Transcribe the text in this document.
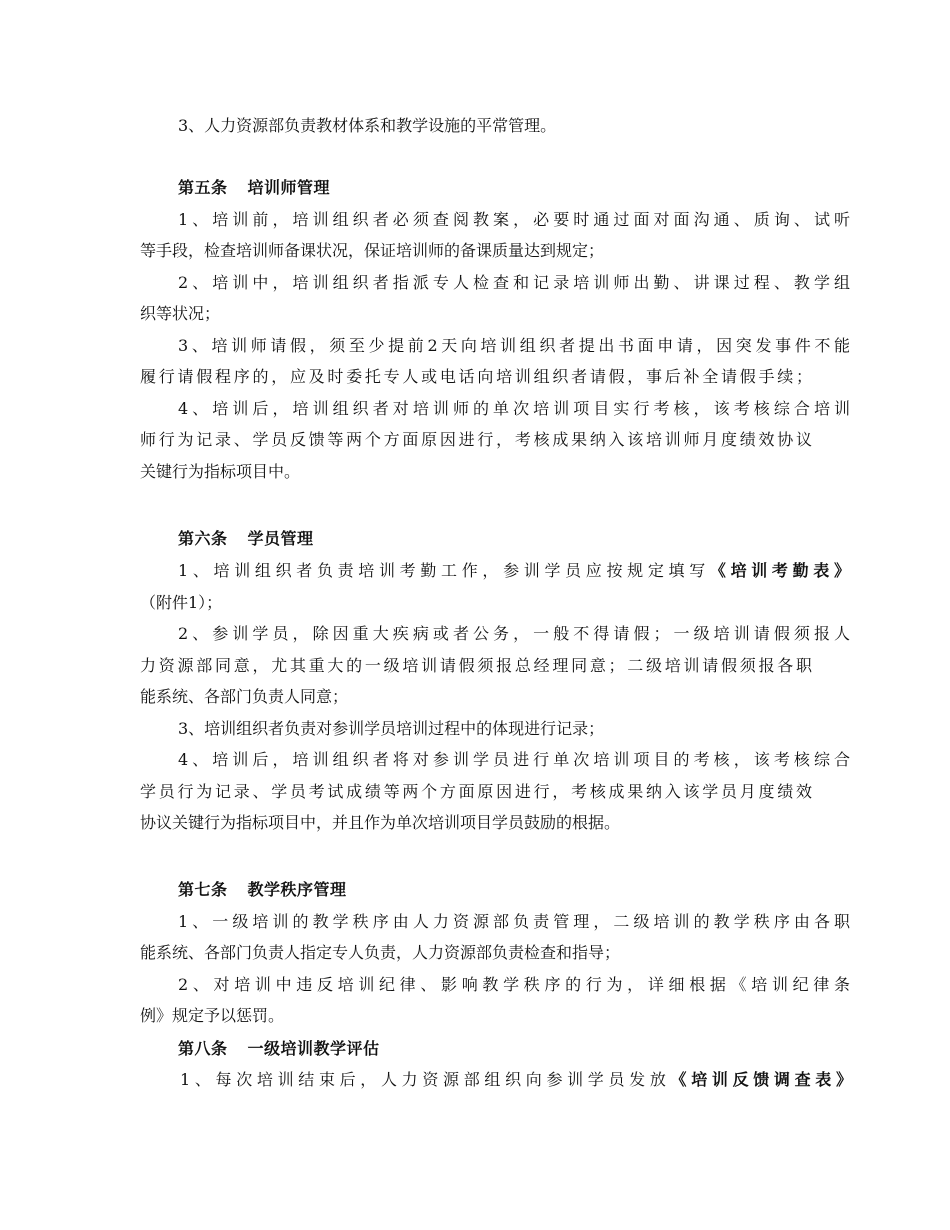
3、人力资源部负责教材体系和教学设施的平常管理。
第五条 培训师管理
1、培训前，培训组织者必须查阅教案，必要时通过面对面沟通、质询、试听
等手段，检查培训师备课状况，保证培训师的备课质量达到规定；
2、培训中，培训组织者指派专人检查和记录培训师出勤、讲课过程、教学组
织等状况；
3、培训师请假，须至少提前2天向培训组织者提出书面申请，因突发事件不能
履行请假程序的，应及时委托专人或电话向培训组织者请假，事后补全请假手续；
4、培训后，培训组织者对培训师的单次培训项目实行考核，该考核综合培训
师行为记录、学员反馈等两个方面原因进行，考核成果纳入该培训师月度绩效协议
关键行为指标项目中。
第六条 学员管理
1、培训组织者负责培训考勤工作，参训学员应按规定填写《培训考勤表》
（附件1）；
2、参训学员，除因重大疾病或者公务，一般不得请假；一级培训请假须报人
力资源部同意，尤其重大的一级培训请假须报总经理同意；二级培训请假须报各职
能系统、各部门负责人同意；
3、培训组织者负责对参训学员培训过程中的体现进行记录；
4、培训后，培训组织者将对参训学员进行单次培训项目的考核，该考核综合
学员行为记录、学员考试成绩等两个方面原因进行，考核成果纳入该学员月度绩效
协议关键行为指标项目中，并且作为单次培训项目学员鼓励的根据。
第七条 教学秩序管理
1、一级培训的教学秩序由人力资源部负责管理，二级培训的教学秩序由各职
能系统、各部门负责人指定专人负责，人力资源部负责检查和指导；
2、对培训中违反培训纪律、影响教学秩序的行为，详细根据《培训纪律条
例》规定予以惩罚。
第八条 一级培训教学评估
1、每次培训结束后，人力资源部组织向参训学员发放《培训反馈调查表》
